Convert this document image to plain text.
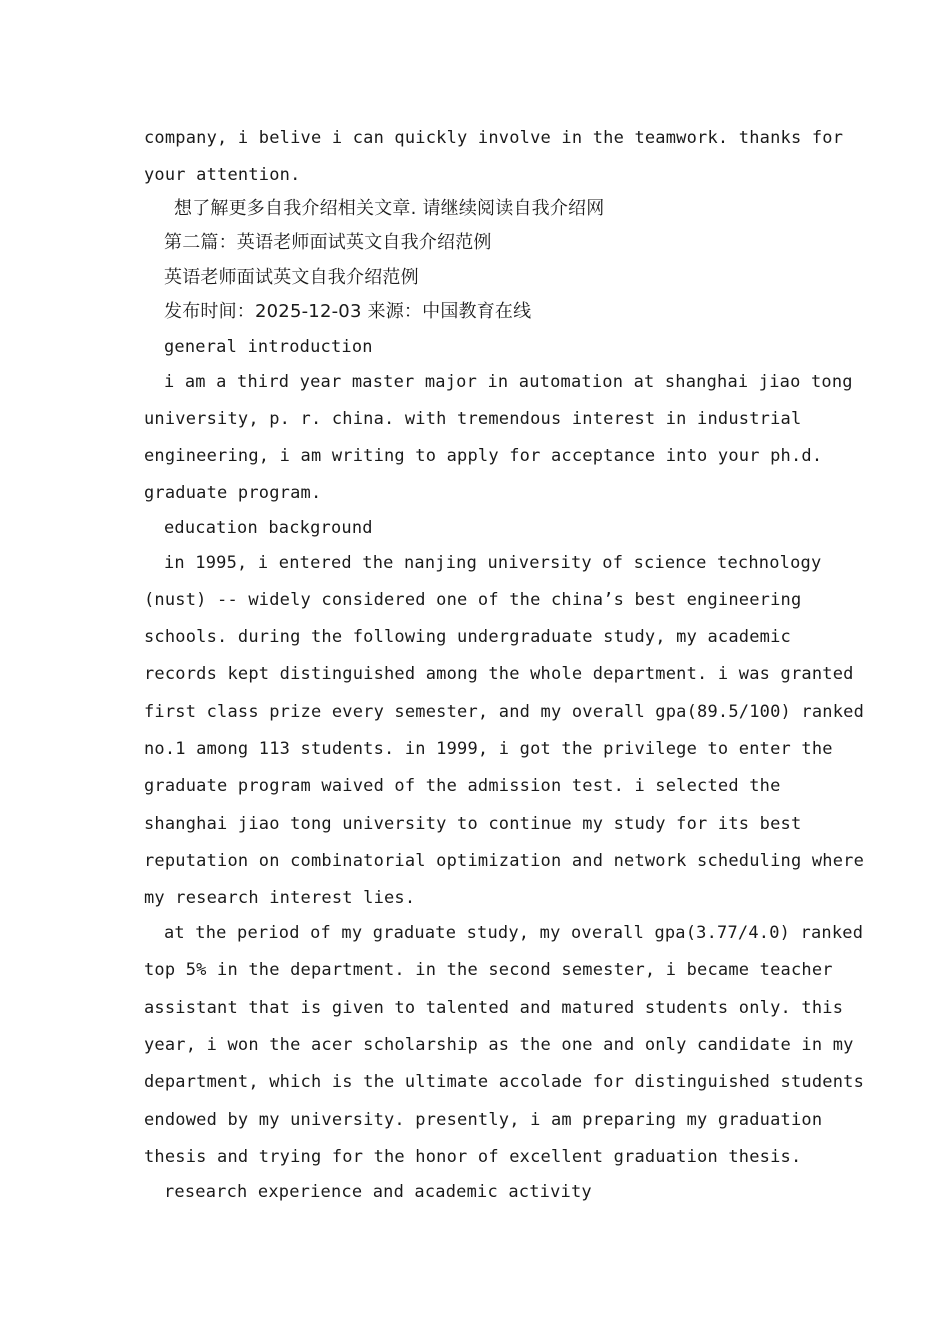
company, i belive i can quickly involve in the teamwork. thanks for
your attention.
想了解更多自我介绍相关文章. 请继续阅读自我介绍网
第二篇：英语老师面试英文自我介绍范例
英语老师面试英文自我介绍范例
发布时间：2025-12-03 来源：中国教育在线
general introduction
i am a third year master major in automation at shanghai jiao tong
university, p. r. china. with tremendous interest in industrial
engineering, i am writing to apply for acceptance into your ph.d.
graduate program.
education background
in 1995, i entered the nanjing university of science technology
(nust) -- widely considered one of the china’s best engineering
schools. during the following undergraduate study, my academic
records kept distinguished among the whole department. i was granted
first class prize every semester, and my overall gpa(89.5/100) ranked
no.1 among 113 students. in 1999, i got the privilege to enter the
graduate program waived of the admission test. i selected the
shanghai jiao tong university to continue my study for its best
reputation on combinatorial optimization and network scheduling where
my research interest lies.
at the period of my graduate study, my overall gpa(3.77/4.0) ranked
top 5% in the department. in the second semester, i became teacher
assistant that is given to talented and matured students only. this
year, i won the acer scholarship as the one and only candidate in my
department, which is the ultimate accolade for distinguished students
endowed by my university. presently, i am preparing my graduation
thesis and trying for the honor of excellent graduation thesis.
research experience and academic activity
